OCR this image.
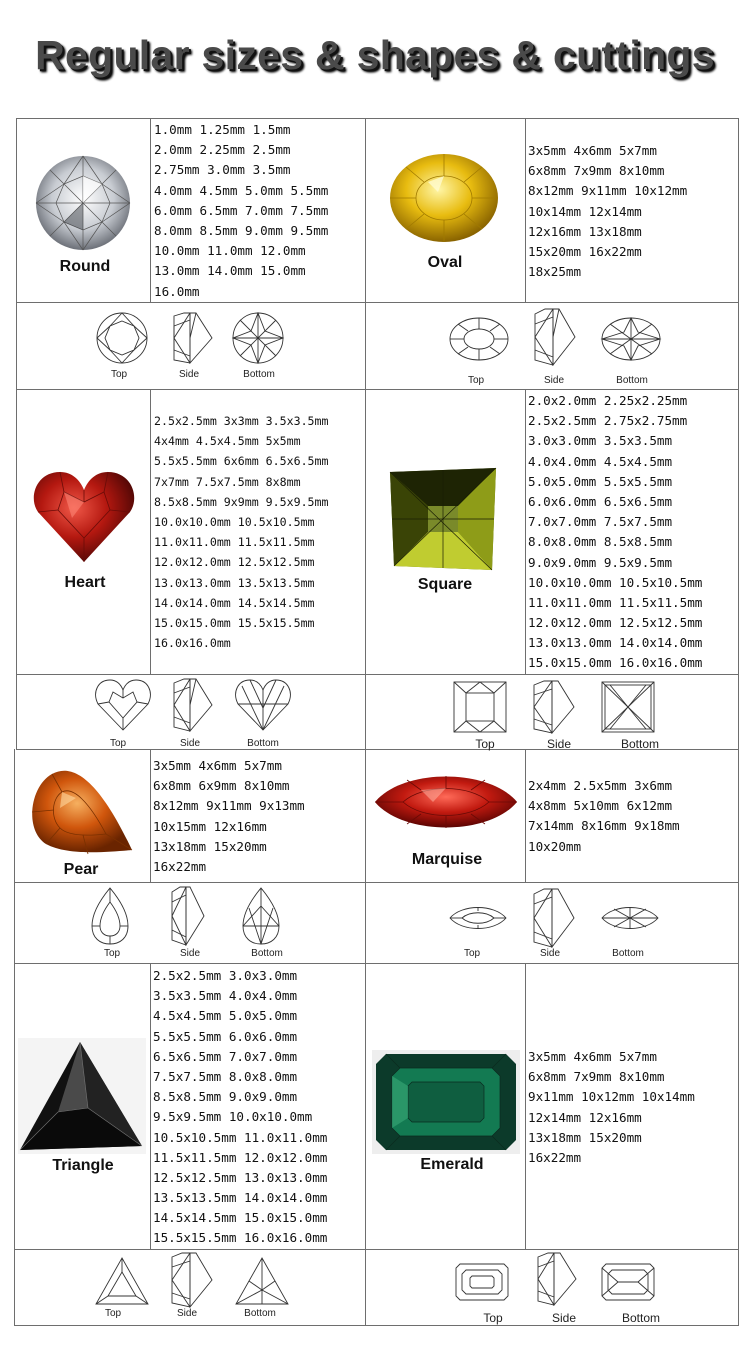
Regular sizes & shapes & cuttings
Round
1.0mm 1.25mm 1.5mm
2.0mm 2.25mm 2.5mm
2.75mm 3.0mm 3.5mm
4.0mm 4.5mm 5.0mm 5.5mm
6.0mm 6.5mm 7.0mm 7.5mm
8.0mm 8.5mm 9.0mm 9.5mm
10.0mm 11.0mm 12.0mm
13.0mm 14.0mm 15.0mm
16.0mm
Top	Side	Bottom
Oval
3x5mm 4x6mm 5x7mm
6x8mm 7x9mm 8x10mm
8x12mm 9x11mm 10x12mm
10x14mm 12x14mm
12x16mm 13x18mm
15x20mm 16x22mm
18x25mm
Top	Side	Bottom
Heart
2.5x2.5mm 3x3mm 3.5x3.5mm
4x4mm 4.5x4.5mm 5x5mm
5.5x5.5mm 6x6mm 6.5x6.5mm
7x7mm 7.5x7.5mm 8x8mm
8.5x8.5mm 9x9mm 9.5x9.5mm
10.0x10.0mm 10.5x10.5mm
11.0x11.0mm 11.5x11.5mm
12.0x12.0mm 12.5x12.5mm
13.0x13.0mm 13.5x13.5mm
14.0x14.0mm 14.5x14.5mm
15.0x15.0mm 15.5x15.5mm
16.0x16.0mm
Top	Side	Bottom
Square
2.0x2.0mm 2.25x2.25mm
2.5x2.5mm 2.75x2.75mm
3.0x3.0mm 3.5x3.5mm
4.0x4.0mm 4.5x4.5mm
5.0x5.0mm 5.5x5.5mm
6.0x6.0mm 6.5x6.5mm
7.0x7.0mm 7.5x7.5mm
8.0x8.0mm 8.5x8.5mm
9.0x9.0mm 9.5x9.5mm
10.0x10.0mm 10.5x10.5mm
11.0x11.0mm 11.5x11.5mm
12.0x12.0mm 12.5x12.5mm
13.0x13.0mm 14.0x14.0mm
15.0x15.0mm 16.0x16.0mm
Top	Side	Bottom
Pear
3x5mm 4x6mm 5x7mm
6x8mm 6x9mm 8x10mm
8x12mm 9x11mm 9x13mm
10x15mm 12x16mm
13x18mm 15x20mm
16x22mm
Top	Side	Bottom
Marquise
2x4mm 2.5x5mm 3x6mm
4x8mm 5x10mm 6x12mm
7x14mm 8x16mm 9x18mm
10x20mm
Top	Side	Bottom
Triangle
2.5x2.5mm 3.0x3.0mm
3.5x3.5mm 4.0x4.0mm
4.5x4.5mm 5.0x5.0mm
5.5x5.5mm 6.0x6.0mm
6.5x6.5mm 7.0x7.0mm
7.5x7.5mm 8.0x8.0mm
8.5x8.5mm 9.0x9.0mm
9.5x9.5mm 10.0x10.0mm
10.5x10.5mm 11.0x11.0mm
11.5x11.5mm 12.0x12.0mm
12.5x12.5mm 13.0x13.0mm
13.5x13.5mm 14.0x14.0mm
14.5x14.5mm 15.0x15.0mm
15.5x15.5mm 16.0x16.0mm
Top	Side	Bottom
Emerald
3x5mm 4x6mm 5x7mm
6x8mm 7x9mm 8x10mm
9x11mm 10x12mm 10x14mm
12x14mm 12x16mm
13x18mm 15x20mm
16x22mm
Top	Side	Bottom
